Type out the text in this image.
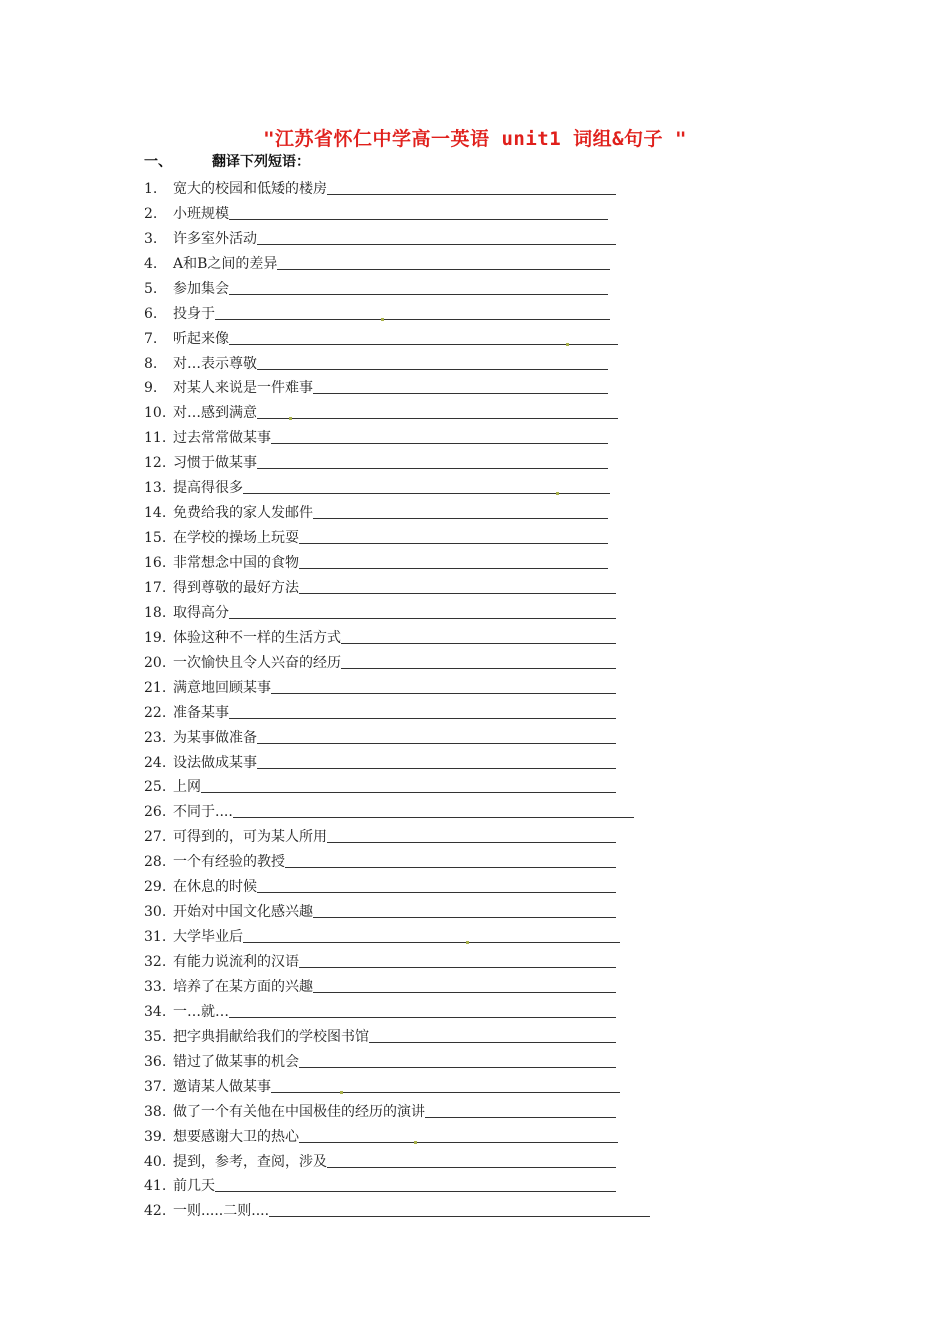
"江苏省怀仁中学高一英语 unit1 词组&句子 "
一、	翻译下列短语：
1.	宽大的校园和低矮的楼房
2.	小班规模
3.	许多室外活动
4.	A和B之间的差异
5.	参加集会
6.	投身于
7.	听起来像
8.	对…表示尊敬
9.	对某人来说是一件难事
10. 对…感到满意
11. 过去常常做某事
12. 习惯于做某事
13. 提高得很多
14. 免费给我的家人发邮件
15. 在学校的操场上玩耍
16. 非常想念中国的食物
17. 得到尊敬的最好方法
18. 取得高分
19. 体验这种不一样的生活方式
20. 一次愉快且令人兴奋的经历
21. 满意地回顾某事
22. 准备某事
23. 为某事做准备
24. 设法做成某事
25. 上网
26. 不同于....
27. 可得到的，可为某人所用
28. 一个有经验的教授
29. 在休息的时候
30. 开始对中国文化感兴趣
31. 大学毕业后
32. 有能力说流利的汉语
33. 培养了在某方面的兴趣
34. 一…就…
35. 把字典捐献给我们的学校图书馆
36. 错过了做某事的机会
37. 邀请某人做某事
38. 做了一个有关他在中国极佳的经历的演讲
39. 想要感谢大卫的热心
40. 提到，参考，查阅，涉及
41. 前几天
42. 一则.....二则....
